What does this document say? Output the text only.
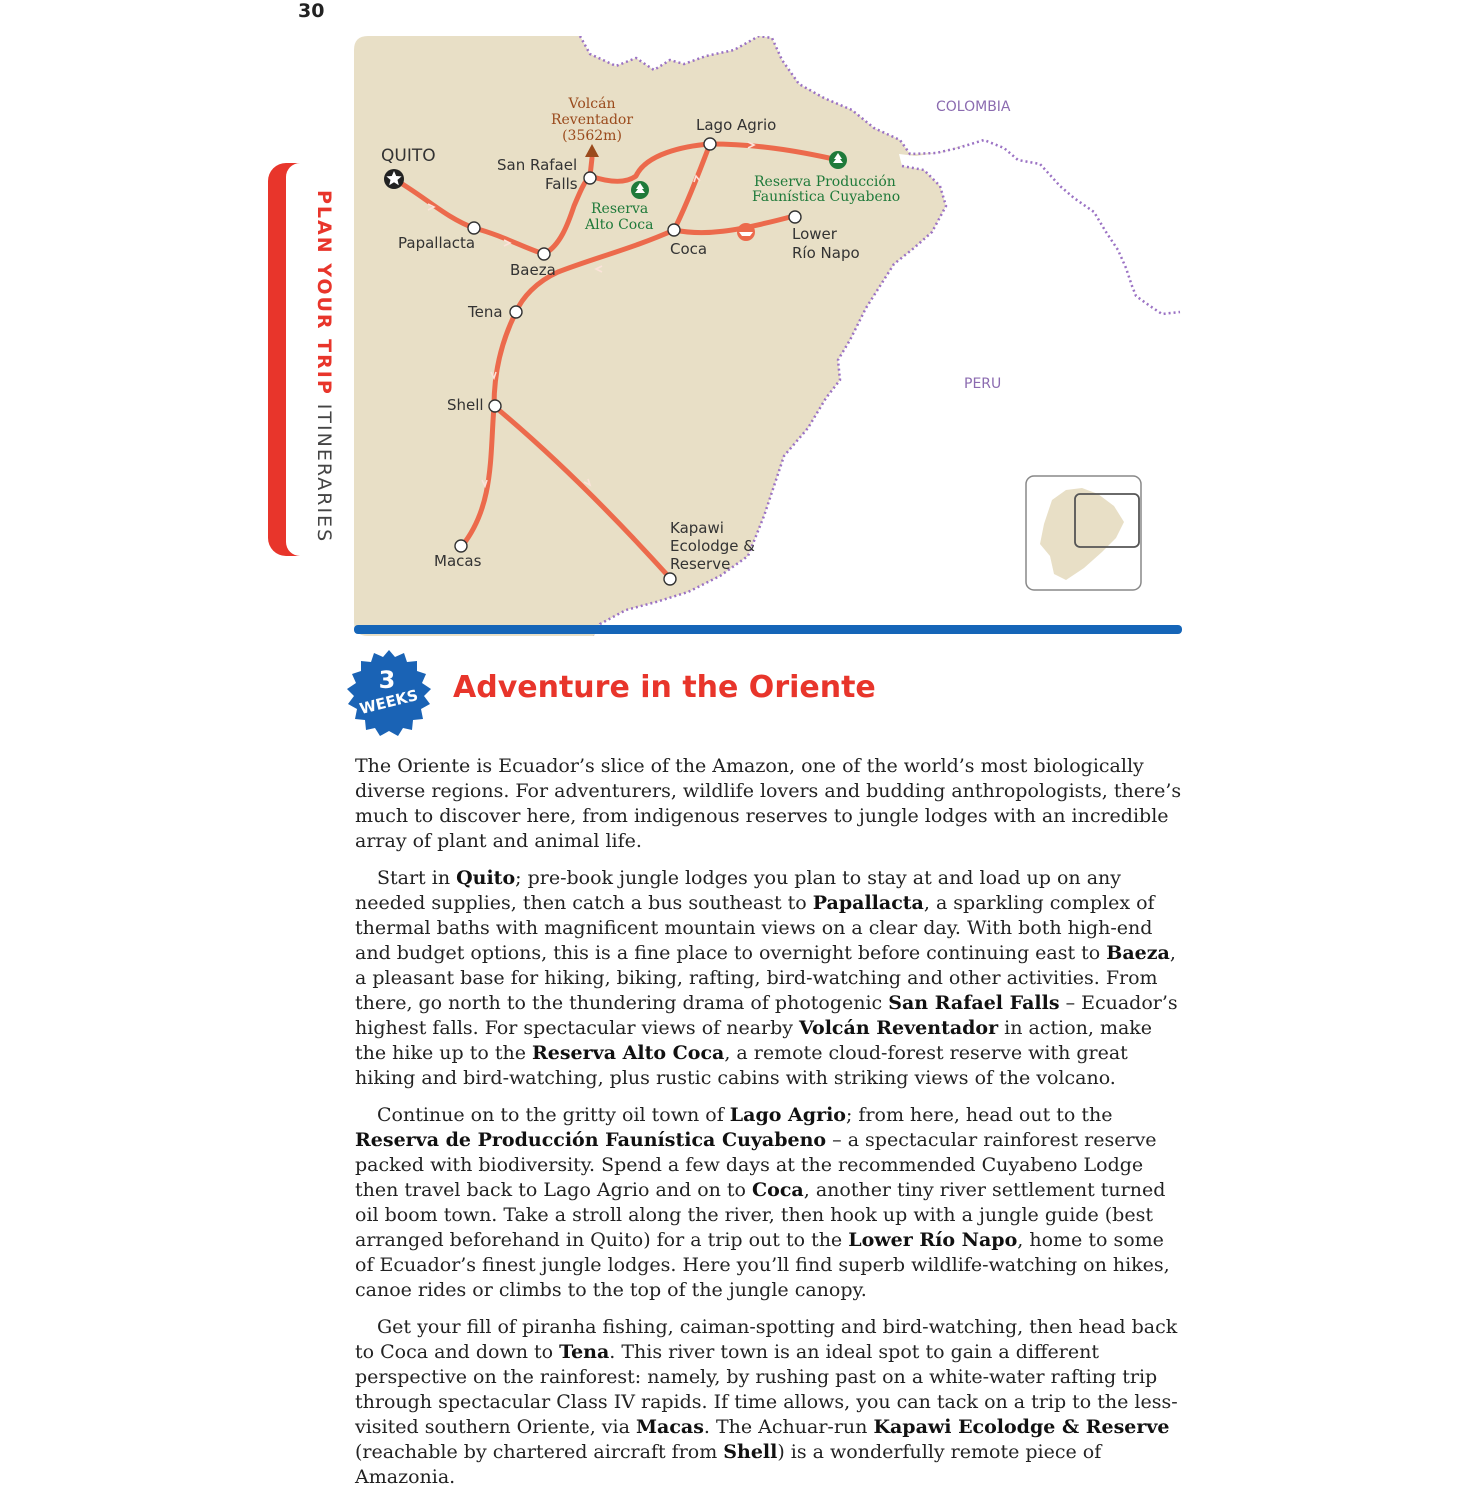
30
PLAN YOUR TRIP ITINERARIES
QUITO
Papallacta
Baeza
San Rafael
Falls
Lago Agrio
Coca
Lower
Río Napo
Tena
Shell
Macas
Kapawi
Ecolodge &
Reserve
Volcán
Reventador
(3562m)
Reserva
Alto Coca
Reserva Producción
Faunística Cuyabeno
COLOMBIA
PERU
3
WEEKS Adventure in the Oriente

The Oriente is Ecuador’s slice of the Amazon, one of the world’s most biologically diverse regions. For adventurers, wildlife lovers and budding anthropologists, there’s much to discover here, from indigenous reserves to jungle lodges with an incredible array of plant and animal life.

Start in Quito; pre-book jungle lodges you plan to stay at and load up on any needed supplies, then catch a bus southeast to Papallacta, a sparkling complex of thermal baths with magnificent mountain views on a clear day. With both high-end and budget options, this is a fine place to overnight before continuing east to Baeza, a pleasant base for hiking, biking, rafting, bird-watching and other activities. From there, go north to the thundering drama of photogenic San Rafael Falls – Ecuador’s highest falls. For spectacular views of nearby Volcán Reventador in action, make the hike up to the Reserva Alto Coca, a remote cloud-forest reserve with great hiking and bird-watching, plus rustic cabins with striking views of the volcano.

Continue on to the gritty oil town of Lago Agrio; from here, head out to the Reserva de Producción Faunística Cuyabeno – a spectacular rainforest reserve packed with biodiversity. Spend a few days at the recommended Cuyabeno Lodge then travel back to Lago Agrio and on to Coca, another tiny river settlement turned oil boom town. Take a stroll along the river, then hook up with a jungle guide (best arranged beforehand in Quito) for a trip out to the Lower Río Napo, home to some of Ecuador’s finest jungle lodges. Here you’ll find superb wildlife-watching on hikes, canoe rides or climbs to the top of the jungle canopy.

Get your fill of piranha fishing, caiman-spotting and bird-watching, then head back to Coca and down to Tena. This river town is an ideal spot to gain a different perspective on the rainforest: namely, by rushing past on a white-water rafting trip through spectacular Class IV rapids. If time allows, you can tack on a trip to the less-visited southern Oriente, via Macas. The Achuar-run Kapawi Ecolodge & Reserve (reachable by chartered aircraft from Shell) is a wonderfully remote piece of Amazonia.
